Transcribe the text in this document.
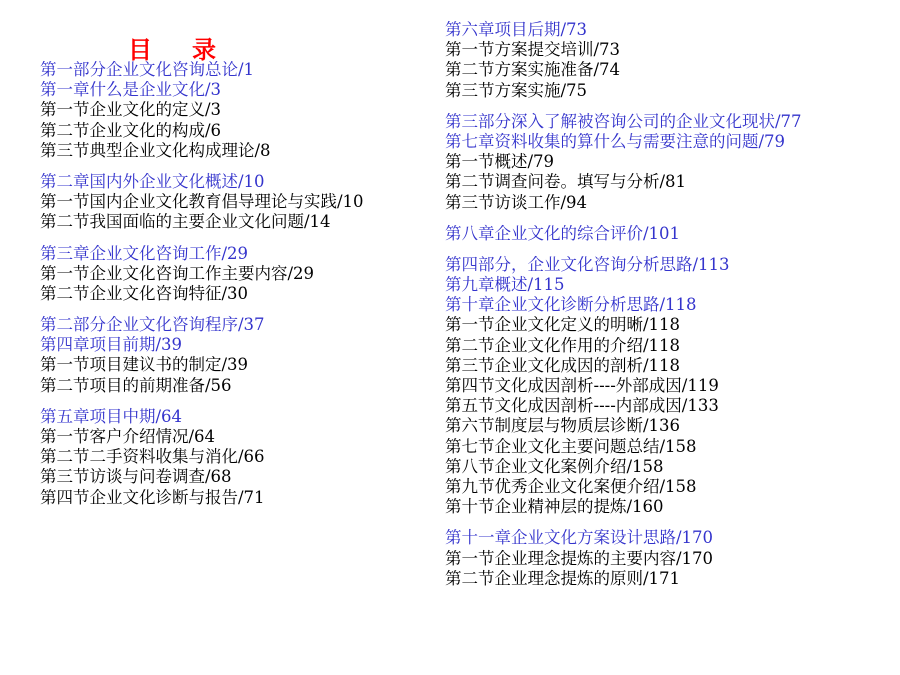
目 录
第一部分企业文化咨询总论/1
第一章什么是企业文化/3
第一节企业文化的定义/3
第二节企业文化的构成/6
第三节典型企业文化构成理论/8
第二章国内外企业文化概述/10
第一节国内企业文化教育倡导理论与实践/10
第二节我国面临的主要企业文化问题/14
第三章企业文化咨询工作/29
第一节企业文化咨询工作主要内容/29
第二节企业文化咨询特征/30
第二部分企业文化咨询程序/37
第四章项目前期/39
第一节项目建议书的制定/39
第二节项目的前期准备/56
第五章项目中期/64
第一节客户介绍情况/64
第二节二手资料收集与消化/66
第三节访谈与问卷调查/68
第四节企业文化诊断与报告/71
第六章项目后期/73
第一节方案提交培训/73
第二节方案实施准备/74
第三节方案实施/75
第三部分深入了解被咨询公司的企业文化现状/77
第七章资料收集的算什么与需要注意的问题/79
第一节概述/79
第二节调查问卷。填写与分析/81
第三节访谈工作/94
第八章企业文化的综合评价/101
第四部分，企业文化咨询分析思路/113
第九章概述/115
第十章企业文化诊断分析思路/118
第一节企业文化定义的明晰/118
第二节企业文化作用的介绍/118
第三节企业文化成因的剖析/118
第四节文化成因剖析----外部成因/119
第五节文化成因剖析----内部成因/133
第六节制度层与物质层诊断/136
第七节企业文化主要问题总结/158
第八节企业文化案例介绍/158
第九节优秀企业文化案便介绍/158
第十节企业精神层的提炼/160
第十一章企业文化方案设计思路/170
第一节企业理念提炼的主要内容/170
第二节企业理念提炼的原则/171
